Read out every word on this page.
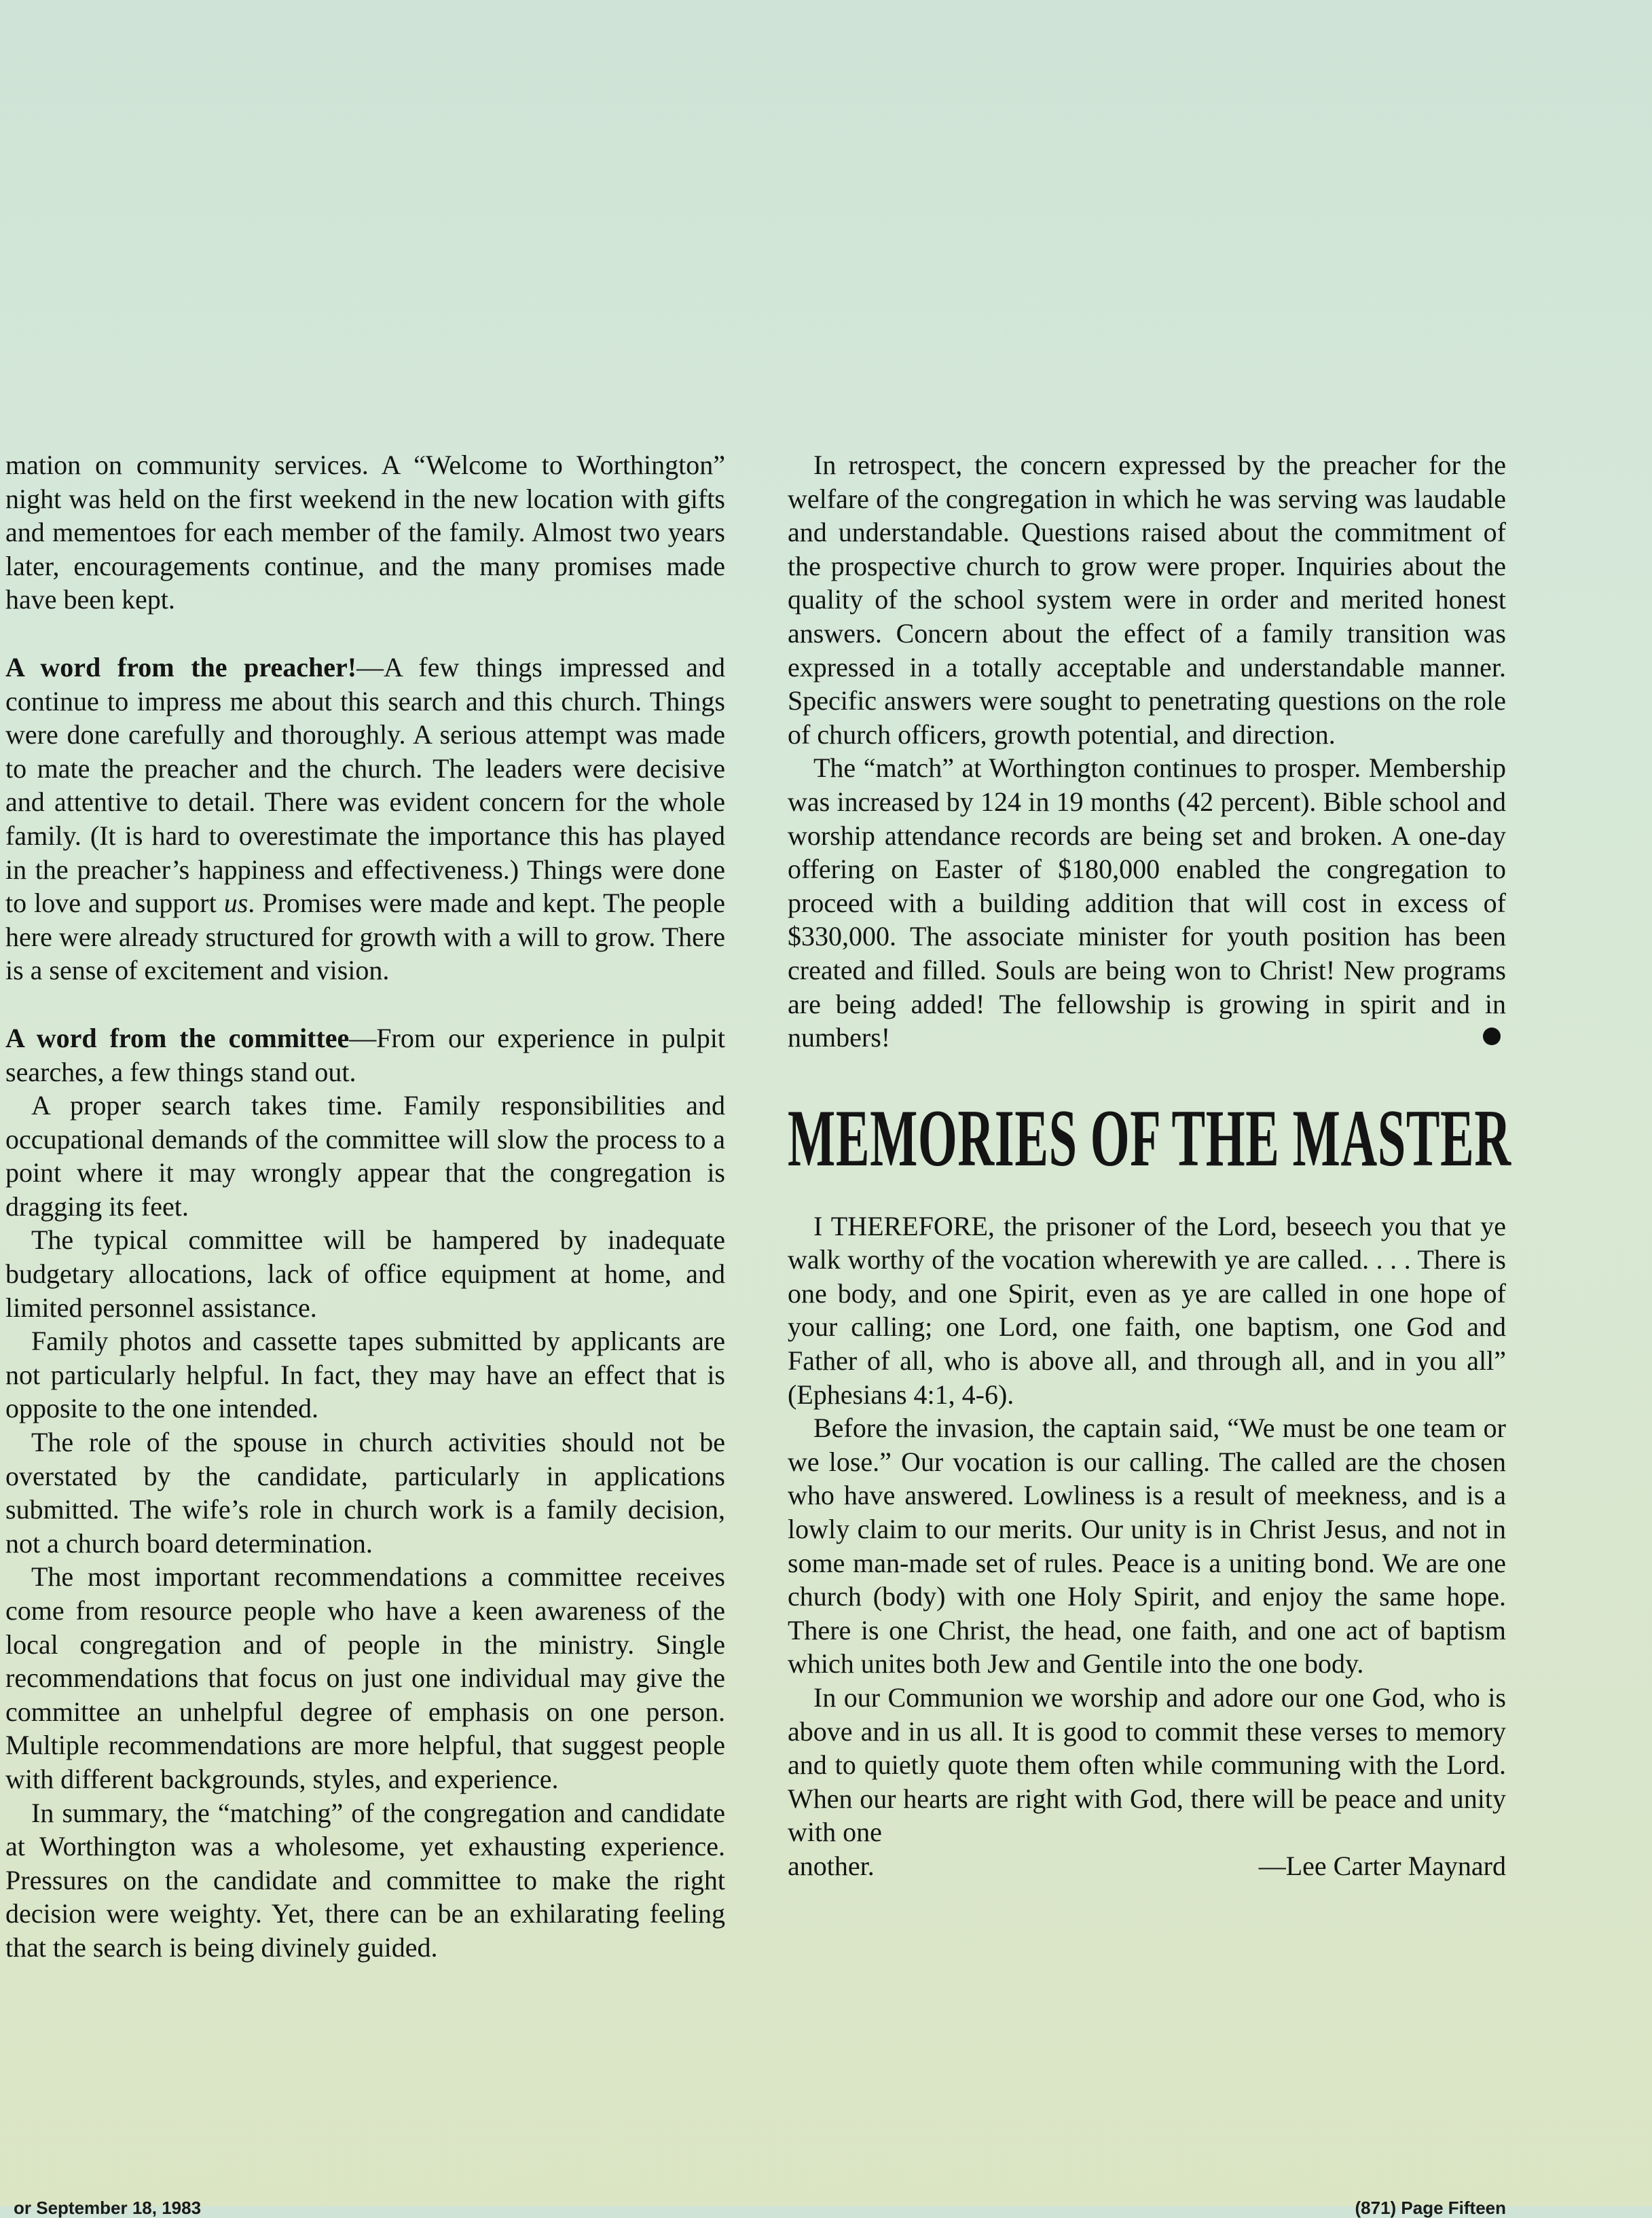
mation on community services. A “Welcome to Worthington” night was held on the first weekend in the new location with gifts and mementoes for each member of the family. Almost two years later, encouragements continue, and the many promises made have been kept.

A word from the preacher!—A few things impressed and continue to impress me about this search and this church. Things were done carefully and thoroughly. A serious attempt was made to mate the preacher and the church. The leaders were decisive and attentive to detail. There was evident concern for the whole family. (It is hard to overestimate the importance this has played in the preacher’s happiness and effectiveness.) Things were done to love and support us. Promises were made and kept. The people here were already structured for growth with a will to grow. There is a sense of excitement and vision.

A word from the committee—From our experience in pulpit searches, a few things stand out.

A proper search takes time. Family responsibilities and occupational demands of the committee will slow the process to a point where it may wrongly appear that the congregation is dragging its feet.

The typical committee will be hampered by inadequate budgetary allocations, lack of office equipment at home, and limited personnel assistance.

Family photos and cassette tapes submitted by applicants are not particularly helpful. In fact, they may have an effect that is opposite to the one intended.

The role of the spouse in church activities should not be overstated by the candidate, particularly in applications submitted. The wife’s role in church work is a family decision, not a church board determination.

The most important recommendations a committee receives come from resource people who have a keen awareness of the local congregation and of people in the ministry. Single recommendations that focus on just one individual may give the committee an unhelpful degree of emphasis on one person. Multiple recommendations are more helpful, that suggest people with different backgrounds, styles, and experience.

In summary, the “matching” of the congregation and candidate at Worthington was a wholesome, yet exhausting experience. Pressures on the candidate and committee to make the right decision were weighty. Yet, there can be an exhilarating feeling that the search is being divinely guided.

In retrospect, the concern expressed by the preacher for the welfare of the congregation in which he was serving was laudable and understandable. Questions raised about the commitment of the prospective church to grow were proper. Inquiries about the quality of the school system were in order and merited honest answers. Concern about the effect of a family transition was expressed in a totally acceptable and understandable manner. Specific answers were sought to penetrating questions on the role of church officers, growth potential, and direction.

The “match” at Worthington continues to prosper. Membership was increased by 124 in 19 months (42 percent). Bible school and worship attendance records are being set and broken. A one-day offering on Easter of $180,000 enabled the congregation to proceed with a building addition that will cost in excess of $330,000. The associate minister for youth position has been created and filled. Souls are being won to Christ! New programs are being added! The fellowship is growing in spirit and in numbers!

MEMORIES OF THE MASTER

I THEREFORE, the prisoner of the Lord, beseech you that ye walk worthy of the vocation wherewith ye are called. . . . There is one body, and one Spirit, even as ye are called in one hope of your calling; one Lord, one faith, one baptism, one God and Father of all, who is above all, and through all, and in you all” (Ephesians 4:1, 4-6).

Before the invasion, the captain said, “We must be one team or we lose.” Our vocation is our calling. The called are the chosen who have answered. Lowliness is a result of meekness, and is a lowly claim to our merits. Our unity is in Christ Jesus, and not in some man-made set of rules. Peace is a uniting bond. We are one church (body) with one Holy Spirit, and enjoy the same hope. There is one Christ, the head, one faith, and one act of baptism which unites both Jew and Gentile into the one body.

In our Communion we worship and adore our one God, who is above and in us all. It is good to commit these verses to memory and to quietly quote them often while communing with the Lord. When our hearts are right with God, there will be peace and unity with one

another.	—Lee Carter Maynard
or September 18, 1983	(871) Page Fifteen
